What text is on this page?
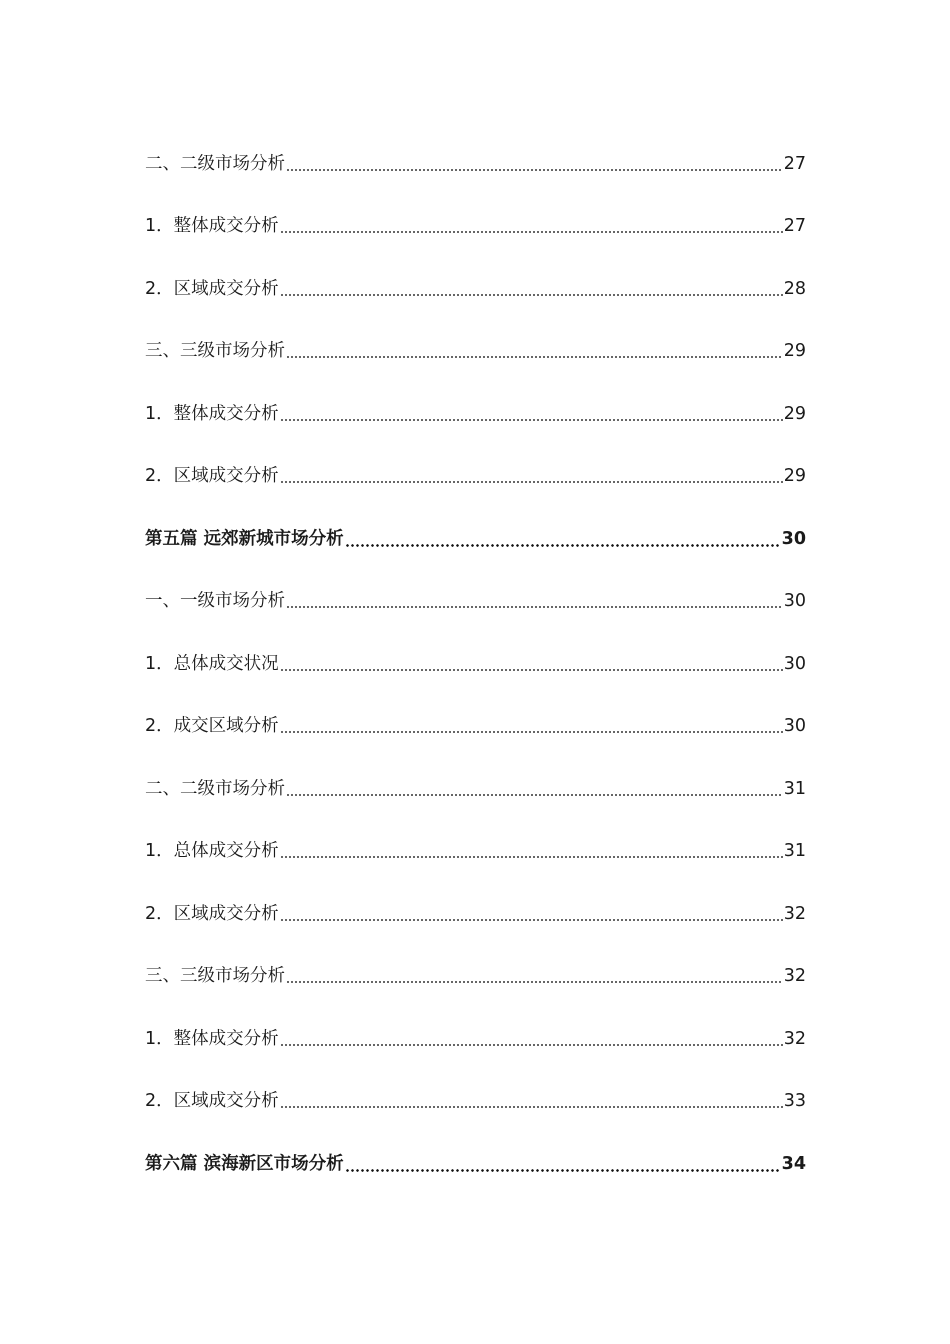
二、二级市场分析	27
1．整体成交分析	27
2．区域成交分析	28
三、三级市场分析	29
1．整体成交分析	29
2．区域成交分析	29
第五篇 远郊新城市场分析	30
一、一级市场分析	30
1．总体成交状况	30
2．成交区域分析	30
二、二级市场分析	31
1．总体成交分析	31
2．区域成交分析	32
三、三级市场分析	32
1．整体成交分析	32
2．区域成交分析	33
第六篇 滨海新区市场分析	34
